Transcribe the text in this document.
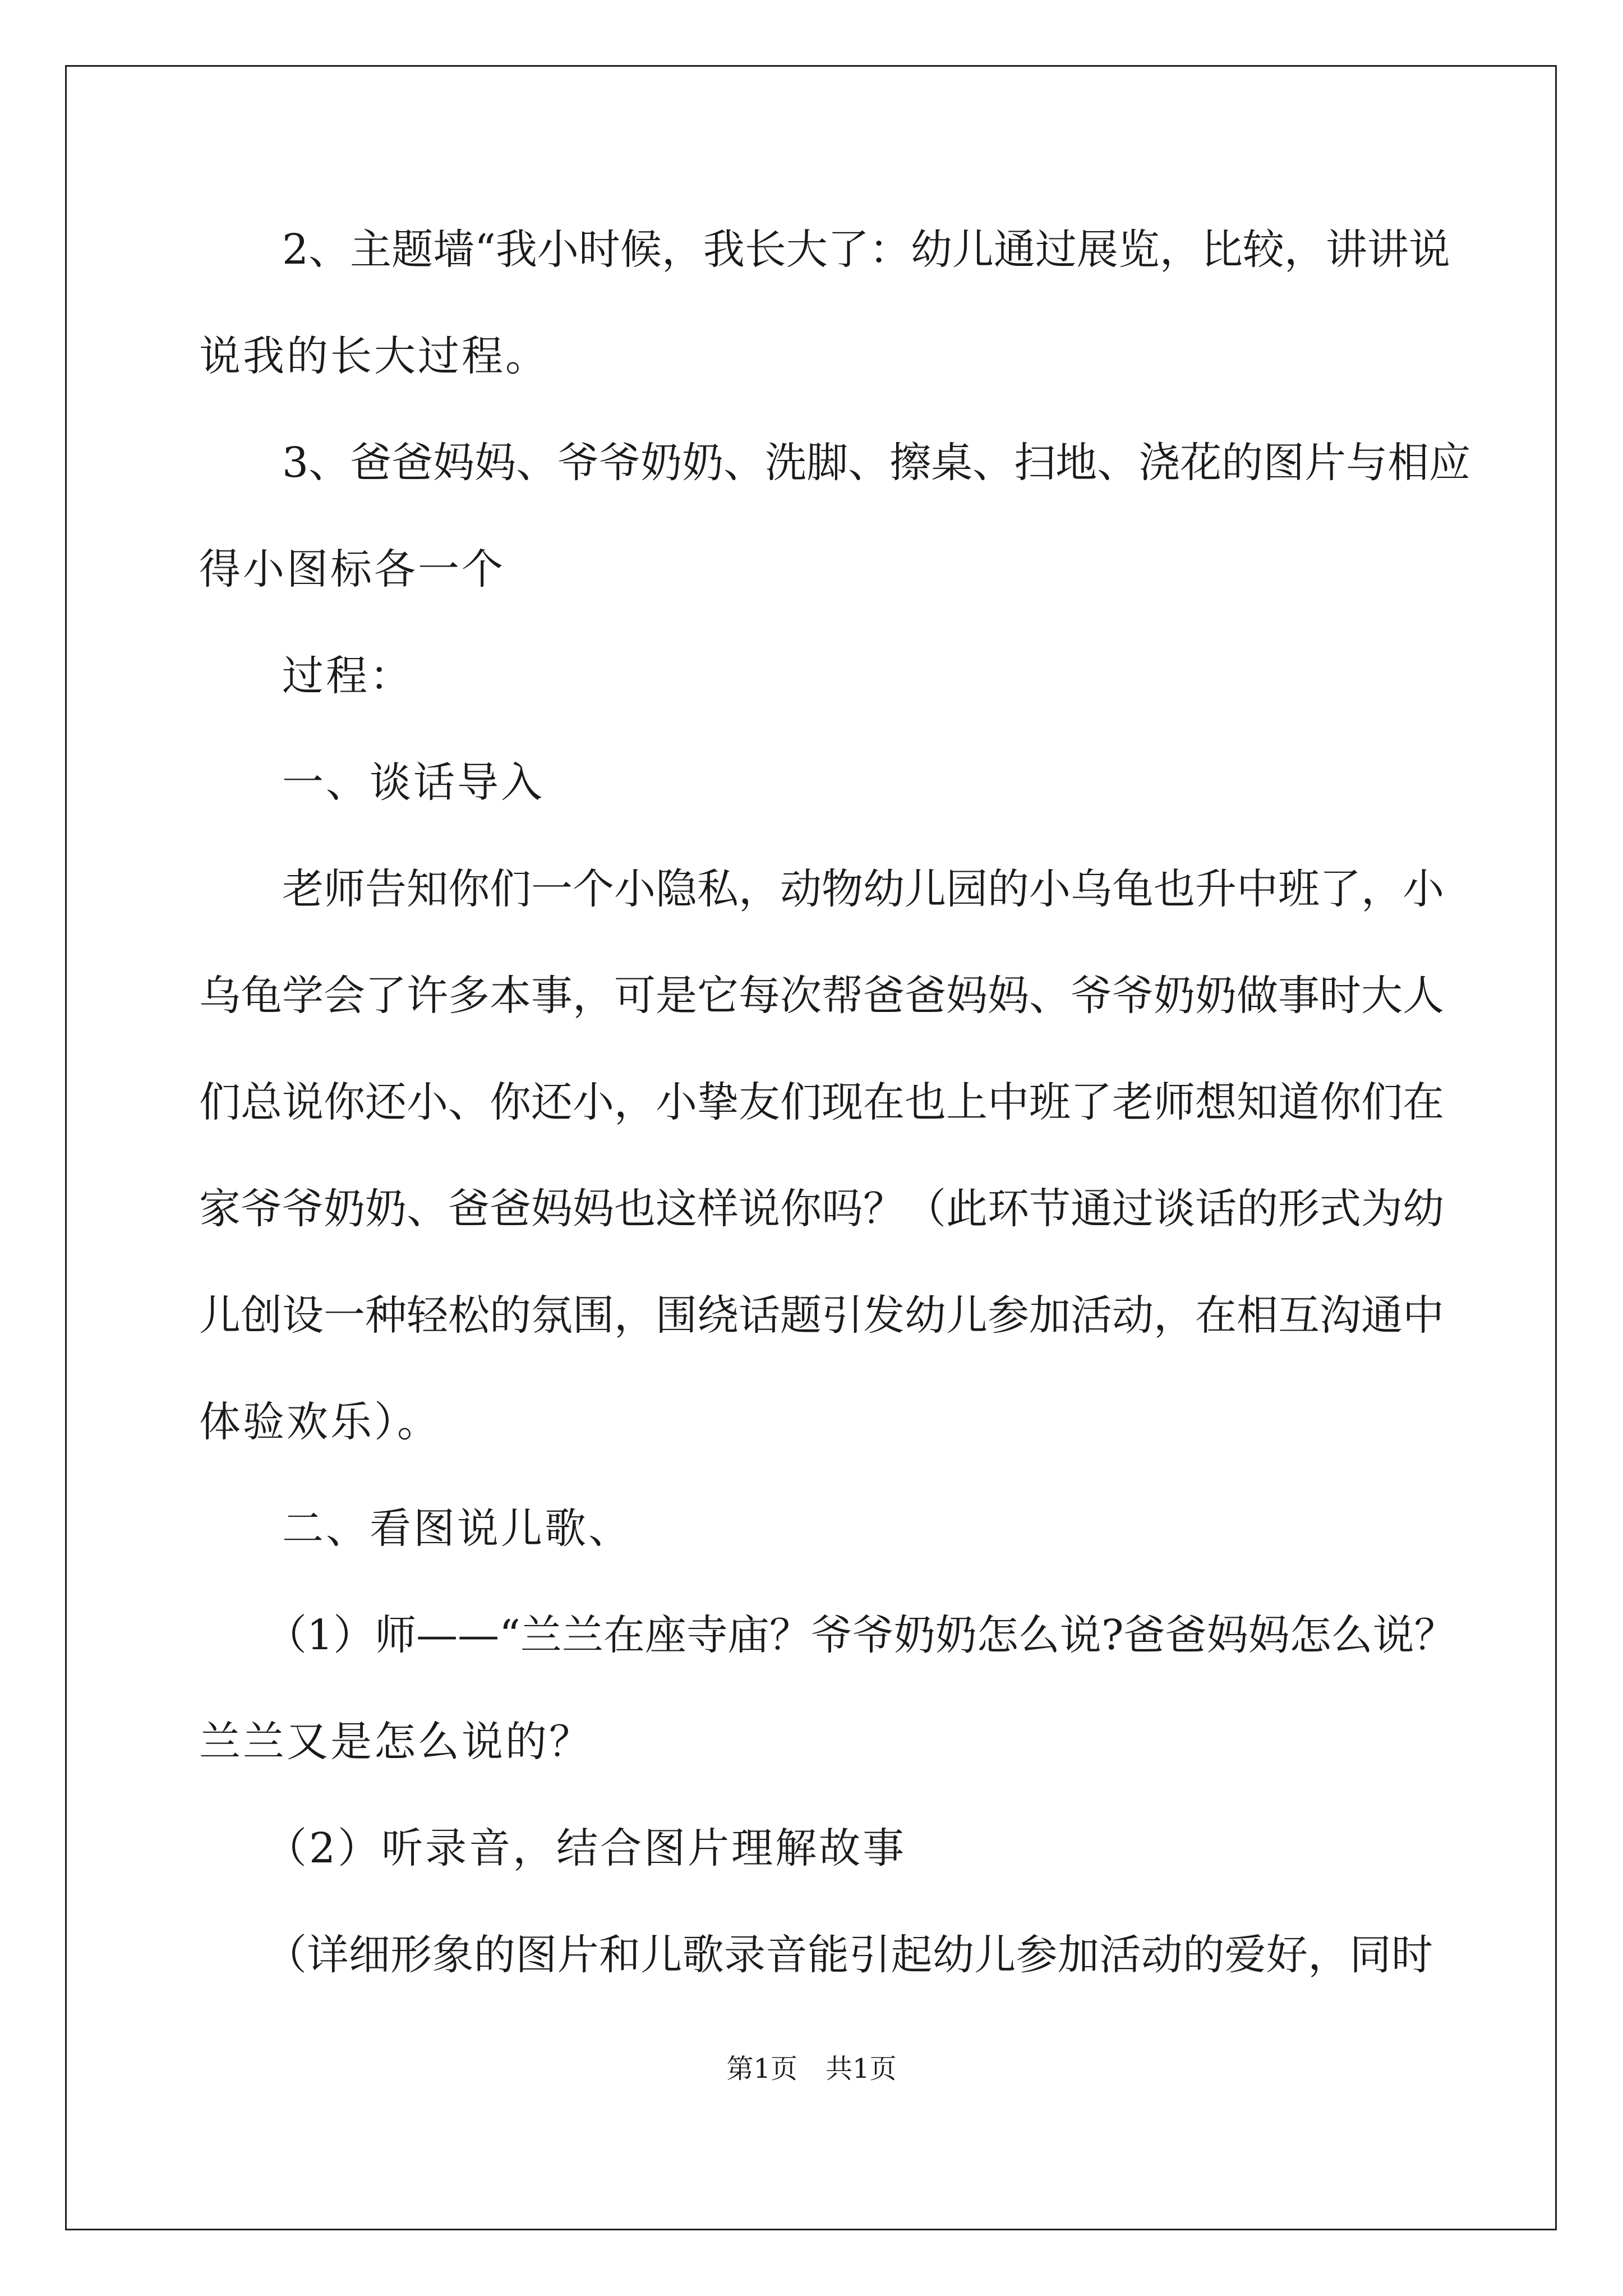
2、主题墙“我小时候，我长大了：幼儿通过展览，比较，讲讲说
说我的长大过程。
3、爸爸妈妈、爷爷奶奶、洗脚、擦桌、扫地、浇花的图片与相应
得小图标各一个
过程：
一、谈话导入
老师告知你们一个小隐私，动物幼儿园的小乌龟也升中班了，小
乌龟学会了许多本事，可是它每次帮爸爸妈妈、爷爷奶奶做事时大人
们总说你还小、你还小，小挚友们现在也上中班了老师想知道你们在
家爷爷奶奶、爸爸妈妈也这样说你吗？（此环节通过谈话的形式为幼
儿创设一种轻松的氛围，围绕话题引发幼儿参加活动，在相互沟通中
体验欢乐）。
二、看图说儿歌、
（1）师——“兰兰在座寺庙？爷爷奶奶怎么说?爸爸妈妈怎么说？
兰兰又是怎么说的？
（2）听录音，结合图片理解故事
（详细形象的图片和儿歌录音能引起幼儿参加活动的爱好，同时
第1页 共1页
